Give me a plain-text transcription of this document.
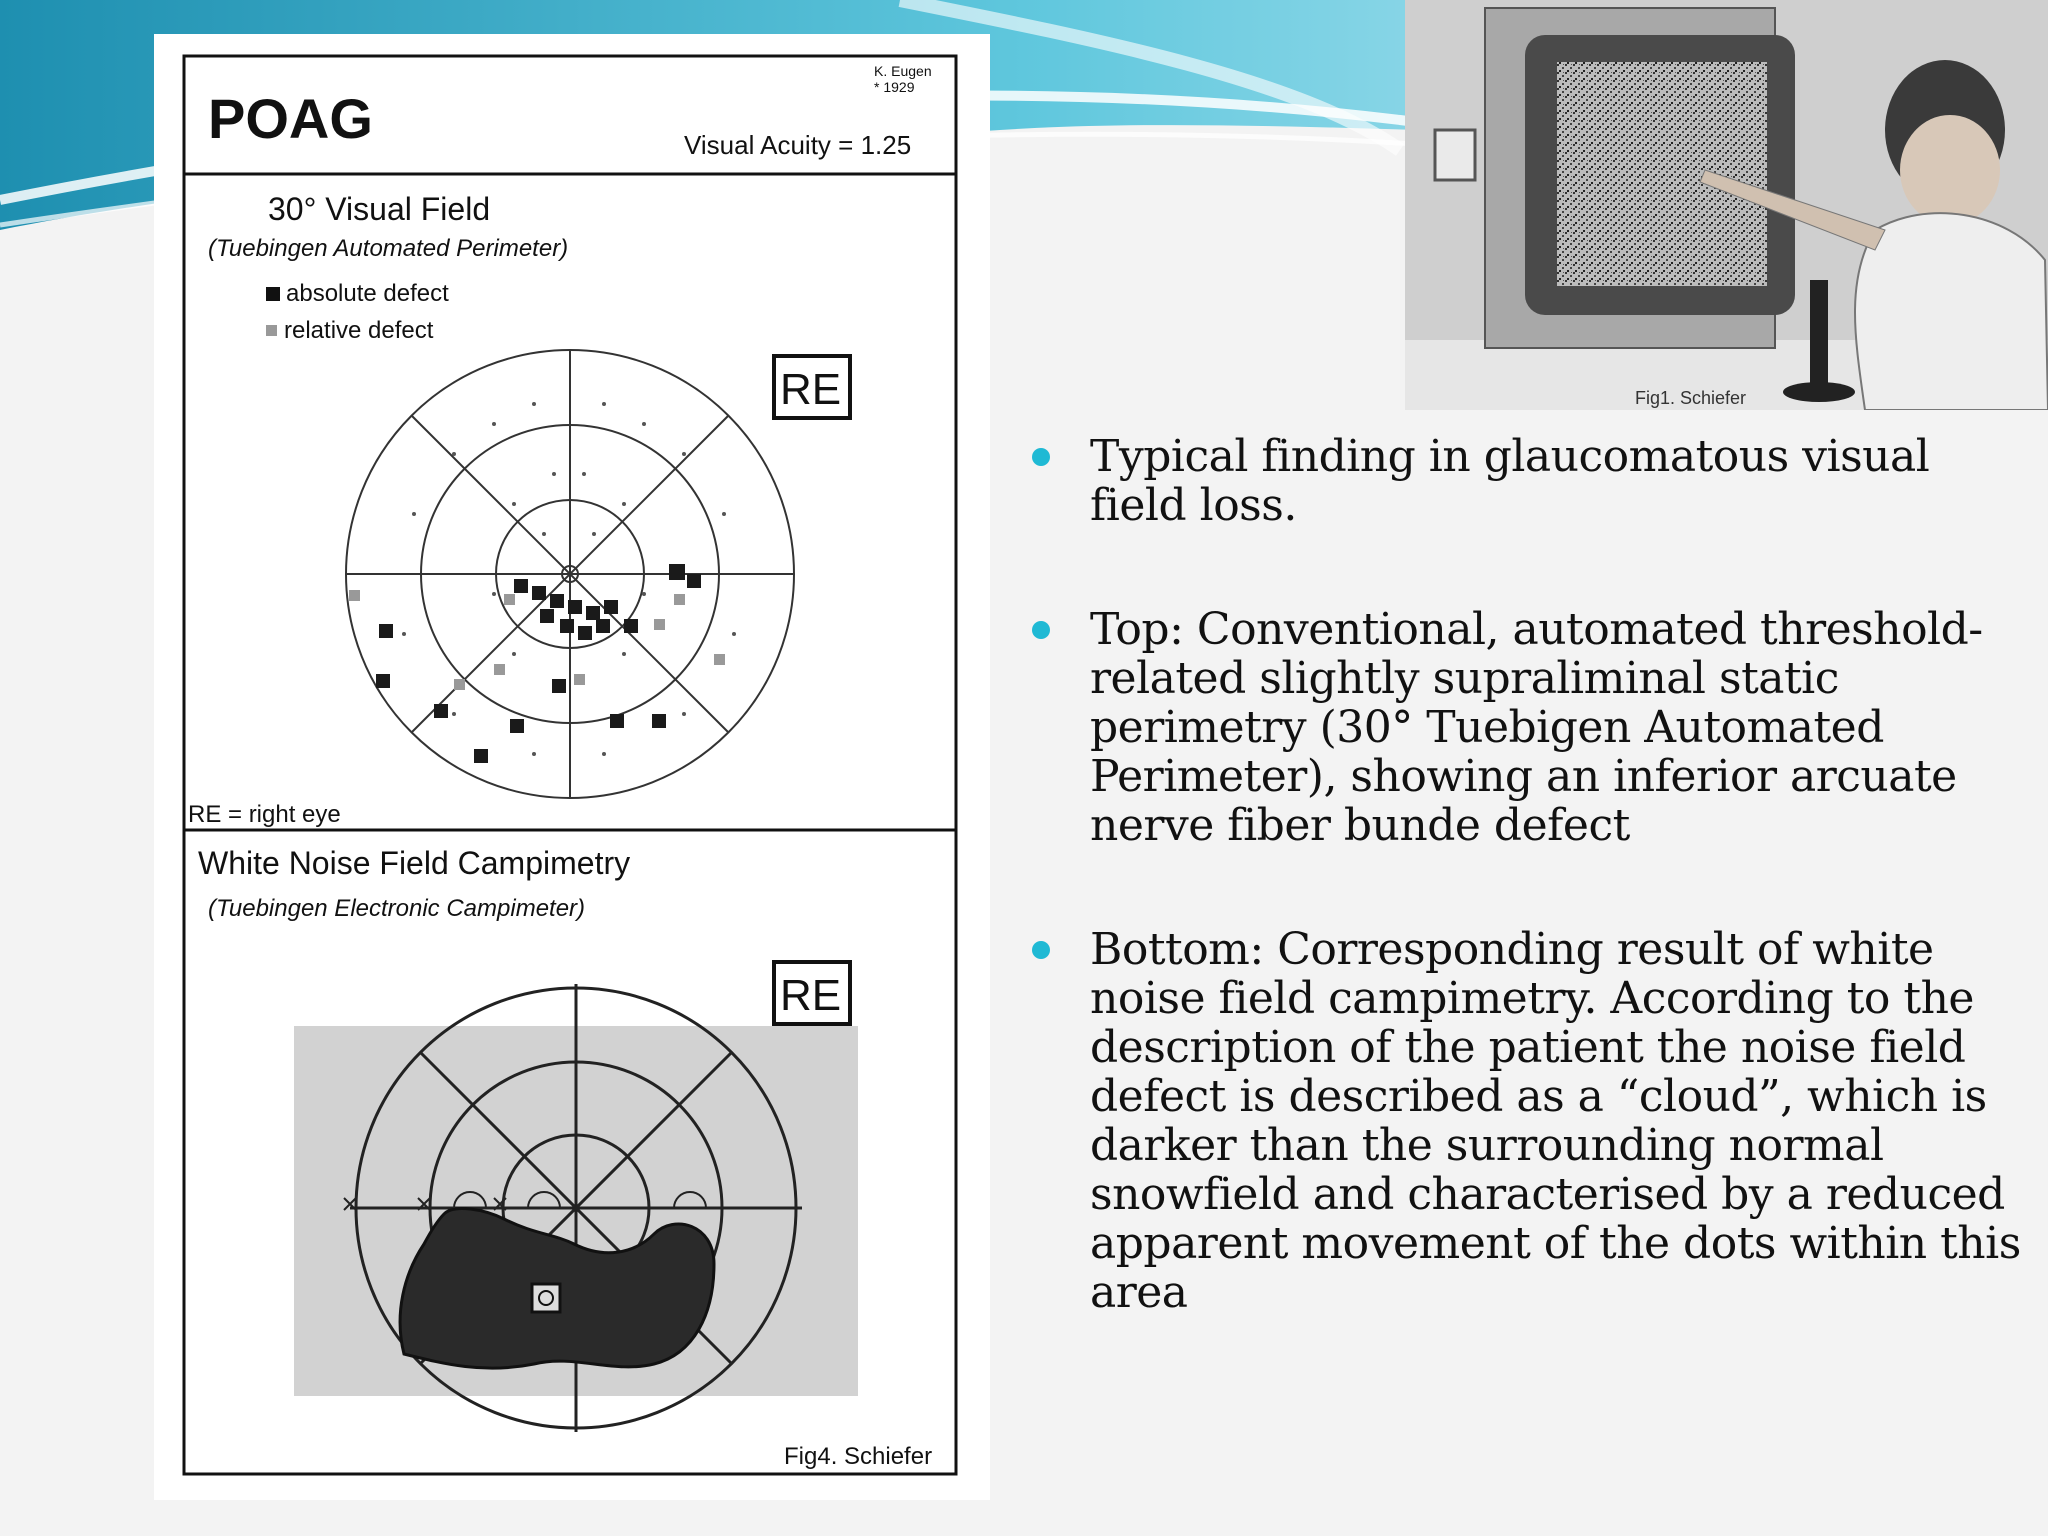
POAG
K. Eugen
* 1929
Visual Acuity = 1.25
30° Visual Field
(Tuebingen Automated Perimeter)
absolute defect
relative defect
RE
RE = right eye
White Noise Field Campimetry
(Tuebingen Electronic Campimeter)
RE
Fig4. Schiefer
Fig1. Schiefer
Typical finding in glaucomatous visual field loss.
Top: Conventional, automated threshold-related slightly supraliminal static perimetry (30° Tuebigen Automated Perimeter), showing an inferior arcuate nerve fiber bunde defect
Bottom: Corresponding result of white noise field campimetry. According to the description of the patient the noise field defect is described as a “cloud”, which is darker than the surrounding normal snowfield and characterised by a reduced apparent movement of the dots within this area
